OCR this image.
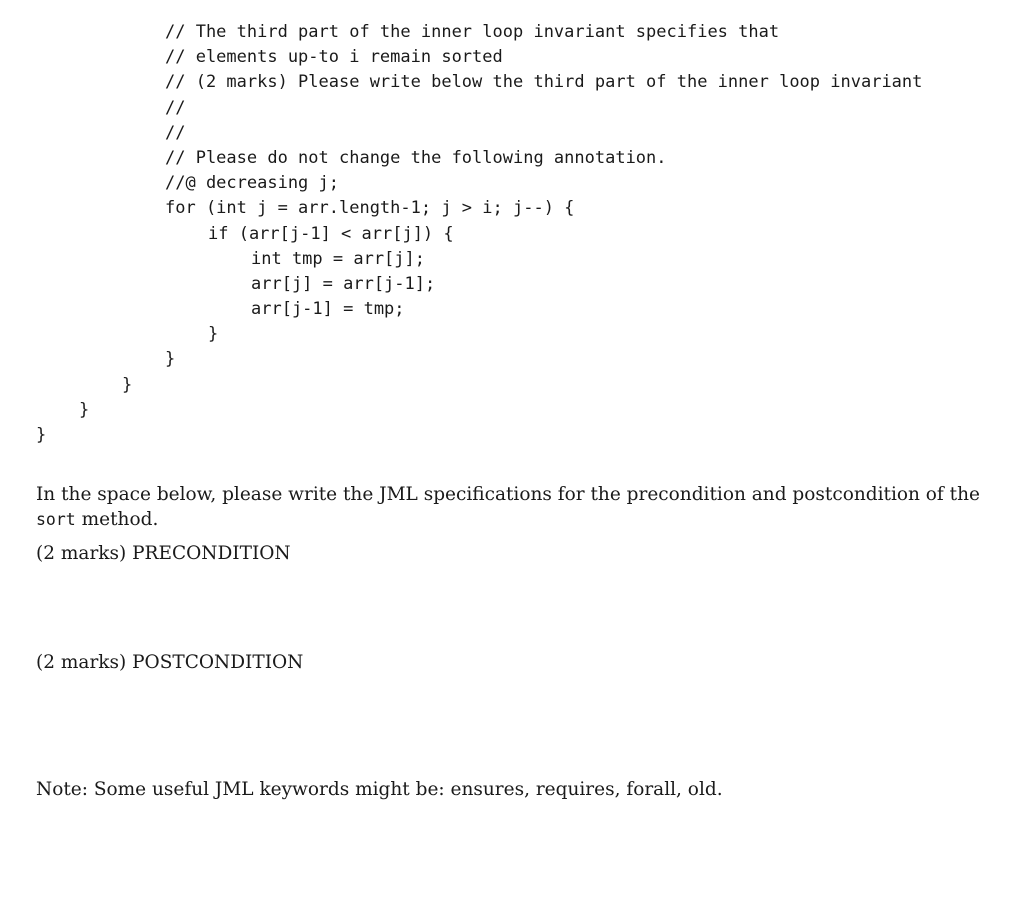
// The third part of the inner loop invariant specifies that
// elements up-to i remain sorted
// (2 marks) Please write below the third part of the inner loop invariant
//
//
// Please do not change the following annotation.
//@ decreasing j;
for (int j = arr.length-1; j > i; j--) {
if (arr[j-1] < arr[j]) {
int tmp = arr[j];
arr[j] = arr[j-1];
arr[j-1] = tmp;
}
}
}
}
}
In the space below, please write the JML specifications for the precondition and postcondition of the sort method.
(2 marks) PRECONDITION
(2 marks) POSTCONDITION
Note: Some useful JML keywords might be: ensures, requires, forall, old.
